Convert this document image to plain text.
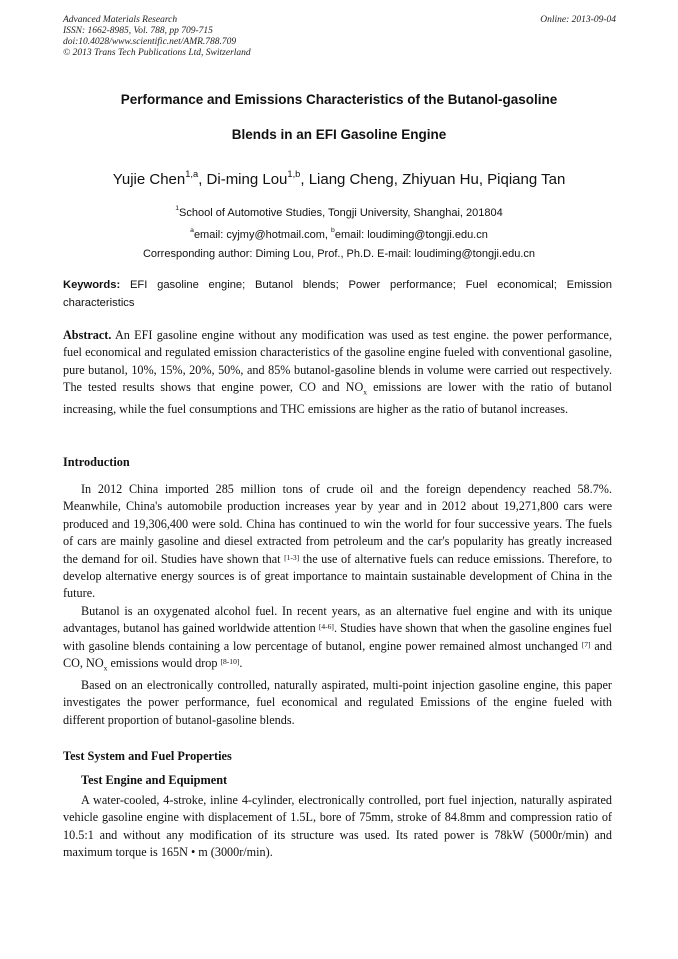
Advanced Materials Research
ISSN: 1662-8985, Vol. 788, pp 709-715
doi:10.4028/www.scientific.net/AMR.788.709
© 2013 Trans Tech Publications Ltd, Switzerland
Online: 2013-09-04
Performance and Emissions Characteristics of the Butanol-gasoline
Blends in an EFI Gasoline Engine
Yujie Chen$^{1,a}$, Di-ming Lou$^{1,b}$, Liang Cheng, Zhiyuan Hu, Piqiang Tan
$^1$School of Automotive Studies, Tongji University, Shanghai, 201804
$^a$email: cyjmy@hotmail.com, $^b$email: loudiming@tongji.edu.cn
Corresponding author: Diming Lou, Prof., Ph.D. E-mail: loudiming@tongji.edu.cn
Keywords: EFI gasoline engine; Butanol blends; Power performance; Fuel economical; Emission characteristics
Abstract. An EFI gasoline engine without any modification was used as test engine. the power performance, fuel economical and regulated emission characteristics of the gasoline engine fueled with conventional gasoline, pure butanol, 10%, 15%, 20%, 50%, and 85% butanol-gasoline blends in volume were carried out respectively. The tested results shows that engine power, CO and $NO_x$ emissions are lower with the ratio of butanol increasing, while the fuel consumptions and THC emissions are higher as the ratio of butanol increases.
Introduction

In 2012 China imported 285 million tons of crude oil and the foreign dependency reached 58.7%. Meanwhile, China's automobile production increases year by year and in 2012 about 19,271,800 cars were produced and 19,306,400 were sold. China has continued to win the world for four successive years. The fuels of cars are mainly gasoline and diesel extracted from petroleum and the car's popularity has greatly increased the demand for oil. Studies have shown that [1-3] the use of alternative fuels can reduce emissions. Therefore, to develop alternative energy sources is of great importance to maintain sustainable development of China in the future.

Butanol is an oxygenated alcohol fuel. In recent years, as an alternative fuel engine and with its unique advantages, butanol has gained worldwide attention [4-6]. Studies have shown that when the gasoline engines fuel with gasoline blends containing a low percentage of butanol, engine power remained almost unchanged [7] and CO, $NO_x$ emissions would drop [8-10].

Based on an electronically controlled, naturally aspirated, multi-point injection gasoline engine, this paper investigates the power performance, fuel economical and regulated Emissions of the engine fueled with different proportion of butanol-gasoline blends.

Test System and Fuel Properties
Test Engine and Equipment

A water-cooled, 4-stroke, inline 4-cylinder, electronically controlled, port fuel injection, naturally aspirated vehicle gasoline engine with displacement of 1.5L, bore of 75mm, stroke of 84.8mm and compression ratio of 10.5:1 and without any modification of its structure was used. Its rated power is 78kW (5000r/min) and maximum torque is 165N • m (3000r/min).
